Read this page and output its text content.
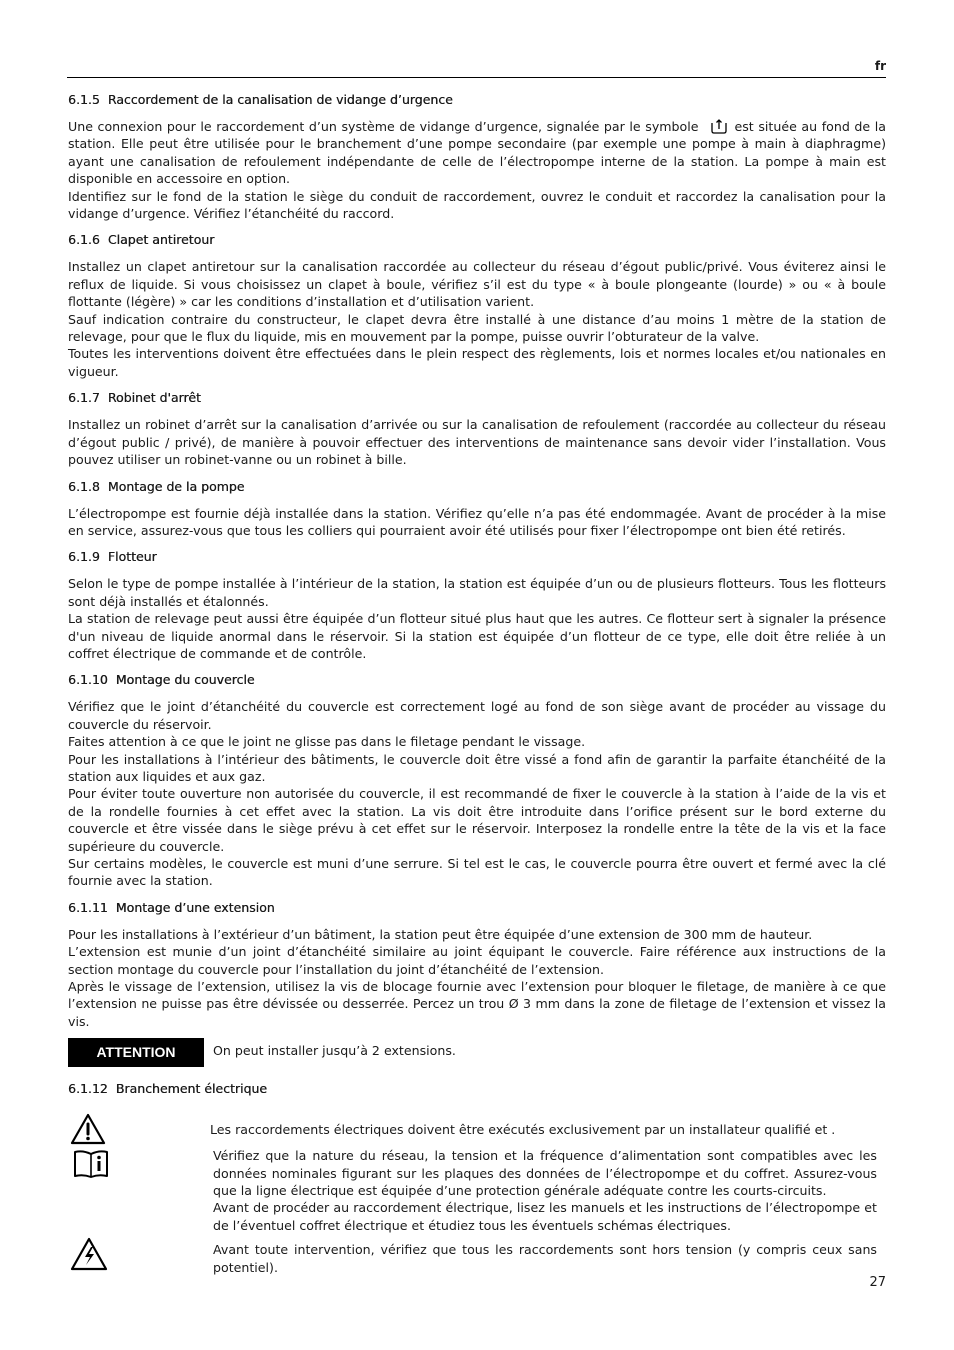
fr
6.1.5 Raccordement de la canalisation de vidange d’urgence

Une connexion pour le raccordement d’un système de vidange d’urgence, signalée par le symbole	est située au fond de la station. Elle peut être utilisée pour le branchement d’une pompe secondaire (par exemple une pompe à main à diaphragme) ayant une canalisation de refoulement indépendante de celle de l’électropompe interne de la station. La pompe à main est disponible en accessoire en option.

Identifiez sur le fond de la station le siège du conduit de raccordement, ouvrez le conduit et raccordez la canalisation pour la vidange d’urgence. Vérifiez l’étanchéité du raccord.

6.1.6 Clapet antiretour

Installez un clapet antiretour sur la canalisation raccordée au collecteur du réseau d’égout public/privé. Vous éviterez ainsi le reflux de liquide. Si vous choisissez un clapet à boule, vérifiez s’il est du type « à boule plongeante (lourde) » ou « à boule flottante (légère) » car les conditions d’installation et d’utilisation varient.

Sauf indication contraire du constructeur, le clapet devra être installé à une distance d’au moins 1 mètre de la station de relevage, pour que le flux du liquide, mis en mouvement par la pompe, puisse ouvrir l’obturateur de la valve.

Toutes les interventions doivent être effectuées dans le plein respect des règlements, lois et normes locales et/ou nationales en vigueur.

6.1.7 Robinet d'arrêt

Installez un robinet d’arrêt sur la canalisation d’arrivée ou sur la canalisation de refoulement (raccordée au collecteur du réseau d’égout public / privé), de manière à pouvoir effectuer des interventions de maintenance sans devoir vider l’installation. Vous pouvez utiliser un robinet-vanne ou un robinet à bille.

6.1.8 Montage de la pompe

L’électropompe est fournie déjà installée dans la station. Vérifiez qu’elle n’a pas été endommagée. Avant de procéder à la mise en service, assurez-vous que tous les colliers qui pourraient avoir été utilisés pour fixer l’électropompe ont bien été retirés.

6.1.9 Flotteur

Selon le type de pompe installée à l’intérieur de la station, la station est équipée d’un ou de plusieurs flotteurs. Tous les flotteurs sont déjà installés et étalonnés.

La station de relevage peut aussi être équipée d’un flotteur situé plus haut que les autres. Ce flotteur sert à signaler la présence d'un niveau de liquide anormal dans le réservoir. Si la station est équipée d’un flotteur de ce type, elle doit être reliée à un coffret électrique de commande et de contrôle.

6.1.10 Montage du couvercle

Vérifiez que le joint d’étanchéité du couvercle est correctement logé au fond de son siège avant de procéder au vissage du couvercle du réservoir.

Faites attention à ce que le joint ne glisse pas dans le filetage pendant le vissage.

Pour les installations à l’intérieur des bâtiments, le couvercle doit être vissé a fond afin de garantir la parfaite étanchéité de la station aux liquides et aux gaz.

Pour éviter toute ouverture non autorisée du couvercle, il est recommandé de fixer le couvercle à la station à l’aide de la vis et de la rondelle fournies à cet effet avec la station. La vis doit être introduite dans l’orifice présent sur le bord externe du couvercle et être vissée dans le siège prévu à cet effet sur le réservoir. Interposez la rondelle entre la tête de la vis et la face supérieure du couvercle.

Sur certains modèles, le couvercle est muni d’une serrure. Si tel est le cas, le couvercle pourra être ouvert et fermé avec la clé fournie avec la station.

6.1.11 Montage d’une extension

Pour les installations à l’extérieur d’un bâtiment, la station peut être équipée d’une extension de 300 mm de hauteur.

L’extension est munie d’un joint d’étanchéité similaire au joint équipant le couvercle. Faire référence aux instructions de la section montage du couvercle pour l’installation du joint d’étanchéité de l’extension.

Après le vissage de l’extension, utilisez la vis de blocage fournie avec l’extension pour bloquer le filetage, de manière à ce que l’extension ne puisse pas être dévissée ou desserrée. Percez un trou Ø 3 mm dans la zone de filetage de l’extension et vissez la vis.

ATTENTION	On peut installer jusqu’à 2 extensions.
6.1.12 Branchement électrique
Les raccordements électriques doivent être exécutés exclusivement par un installateur qualifié et .

Vérifiez que la nature du réseau, la tension et la fréquence d’alimentation sont compatibles avec les données nominales figurant sur les plaques des données de l’électropompe et du coffret. Assurez-vous que la ligne électrique est équipée d’une protection générale adéquate contre les courts-circuits.

Avant de procéder au raccordement électrique, lisez les manuels et les instructions de l’électropompe et de l’éventuel coffret électrique et étudiez tous les éventuels schémas électriques.

Avant toute intervention, vérifiez que tous les raccordements sont hors tension (y compris ceux sans potentiel).
27
